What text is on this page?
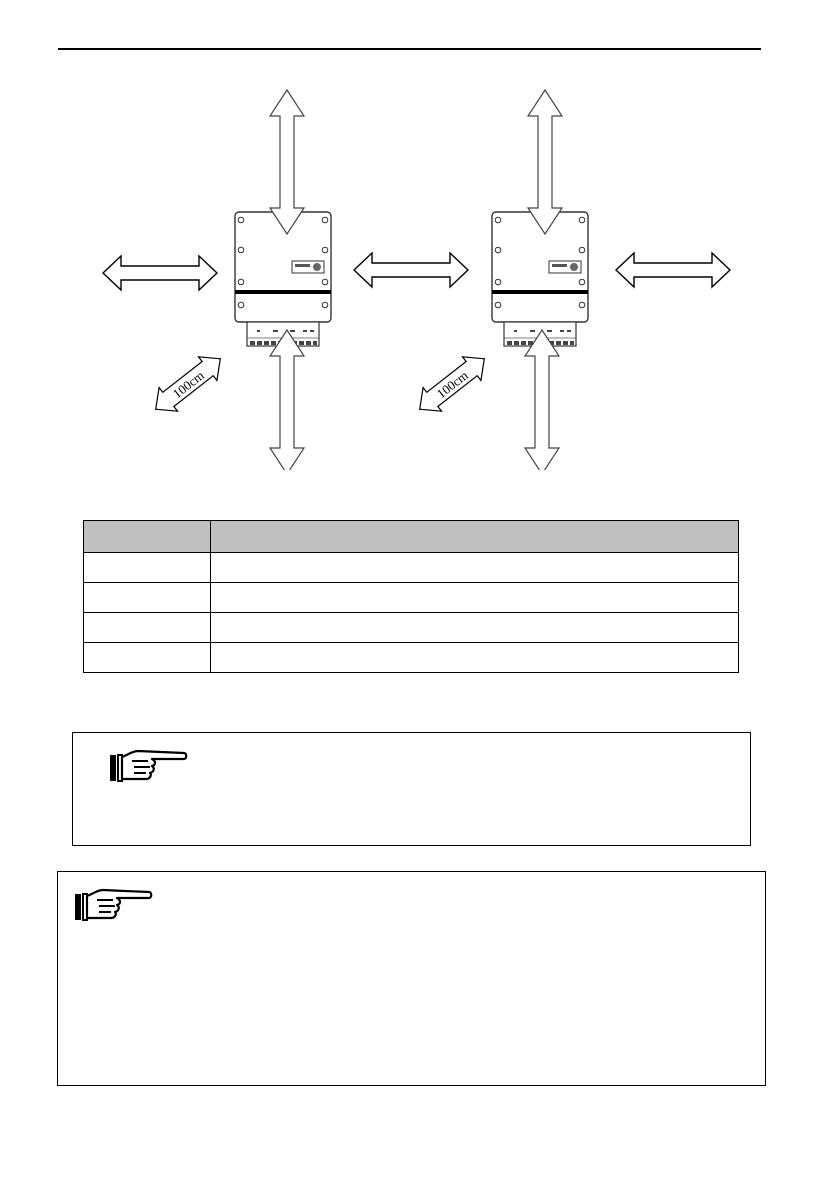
100cm	100cm
